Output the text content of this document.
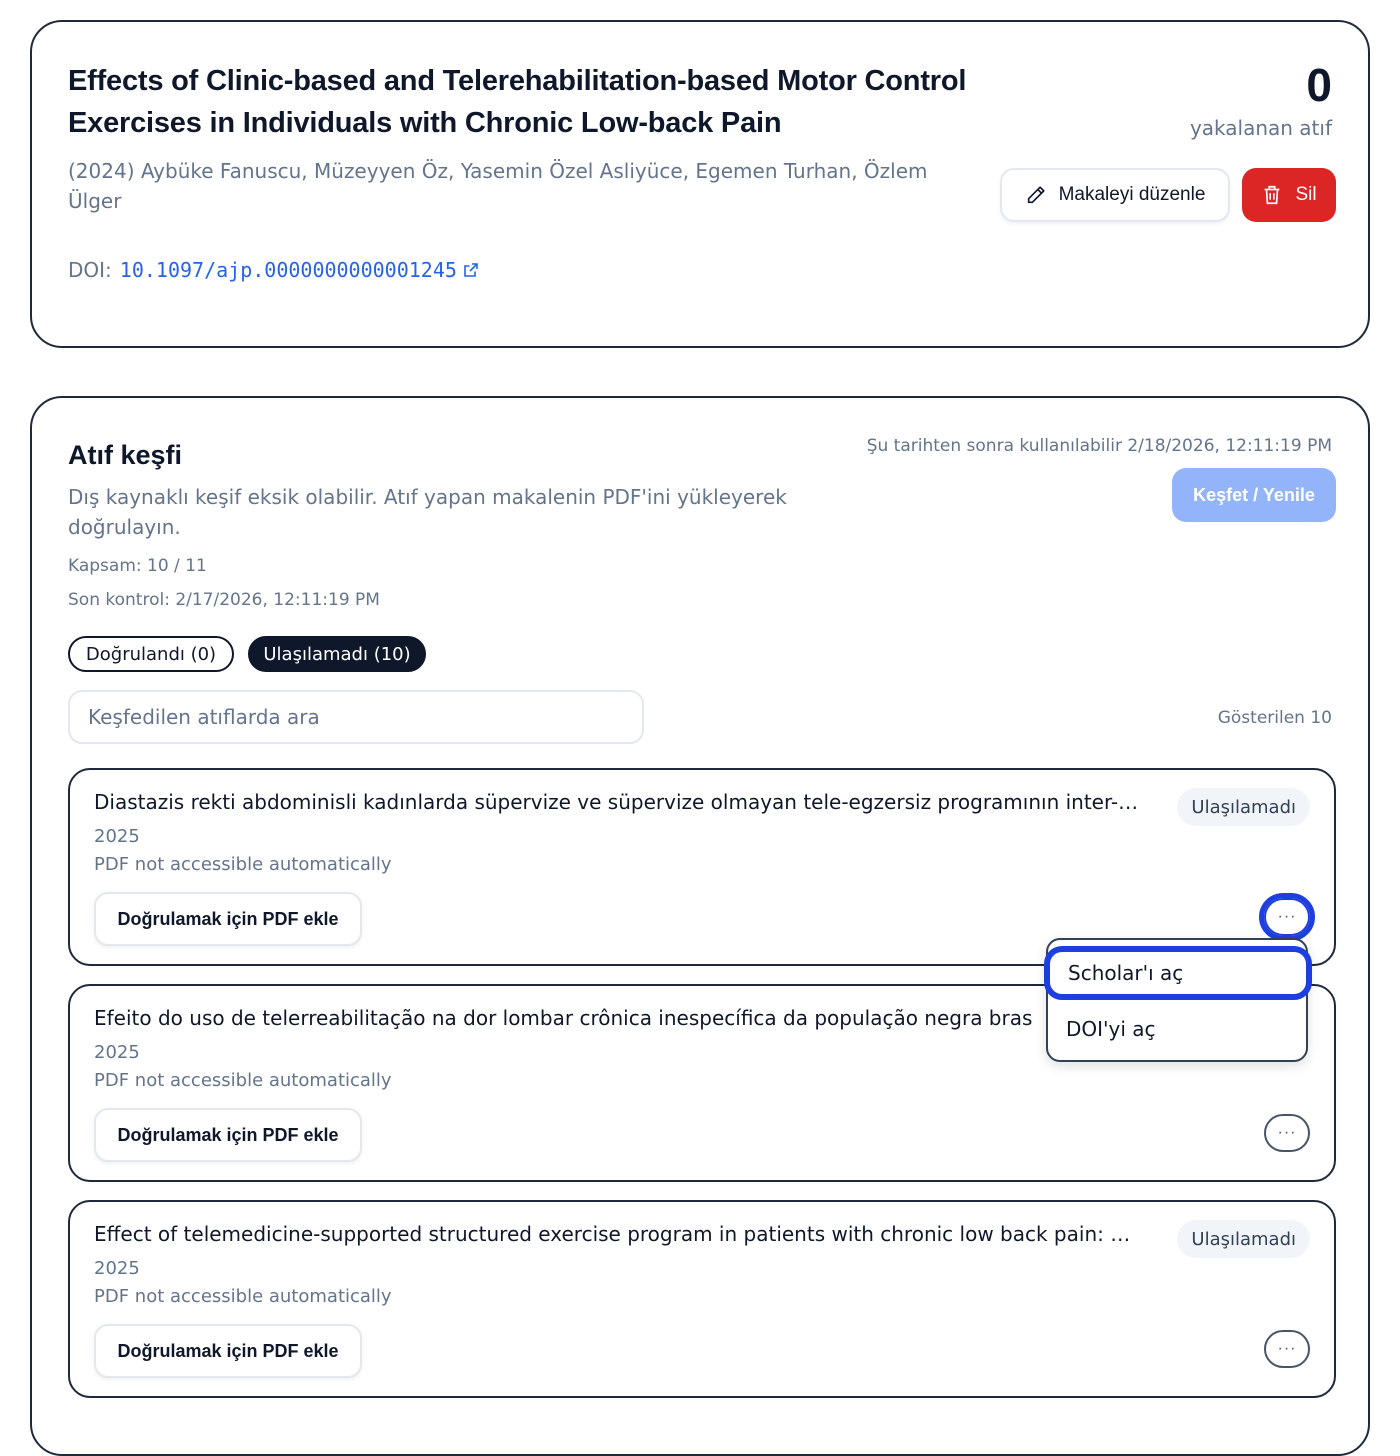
Effects of Clinic-based and Telerehabilitation-based Motor Control Exercises in Individuals with Chronic Low-back Pain
(2024) Aybüke Fanuscu, Müzeyyen Öz, Yasemin Özel Asliyüce, Egemen Turhan, Özlem Ülger
DOI: 10.1097/ajp.0000000000001245
0
yakalanan atıf
Makaleyi düzenle	Sil
Atıf keşfi
Dış kaynaklı keşif eksik olabilir. Atıf yapan makalenin PDF'ini yükleyerek doğrulayın.
Kapsam: 10 / 11
Son kontrol: 2/17/2026, 12:11:19 PM
Şu tarihten sonra kullanılabilir 2/18/2026, 12:11:19 PM
Keşfet / Yenile
Doğrulandı (0)	Ulaşılamadı (10)
Keşfedilen atıflarda ara
Gösterilen 10
Diastazis rekti abdominisli kadınlarda süpervize ve süpervize olmayan tele-egzersiz programının inter-…
2025
PDF not accessible automatically
Ulaşılamadı
Doğrulamak için PDF ekle	···
Efeito do uso de telerreabilitação na dor lombar crônica inespecífica da população negra bras
2025
PDF not accessible automatically
Doğrulamak için PDF ekle	···
Effect of telemedicine-supported structured exercise program in patients with chronic low back pain: …
2025
PDF not accessible automatically
Ulaşılamadı
Doğrulamak için PDF ekle	···
Scholar'ı aç
DOI'yi aç
